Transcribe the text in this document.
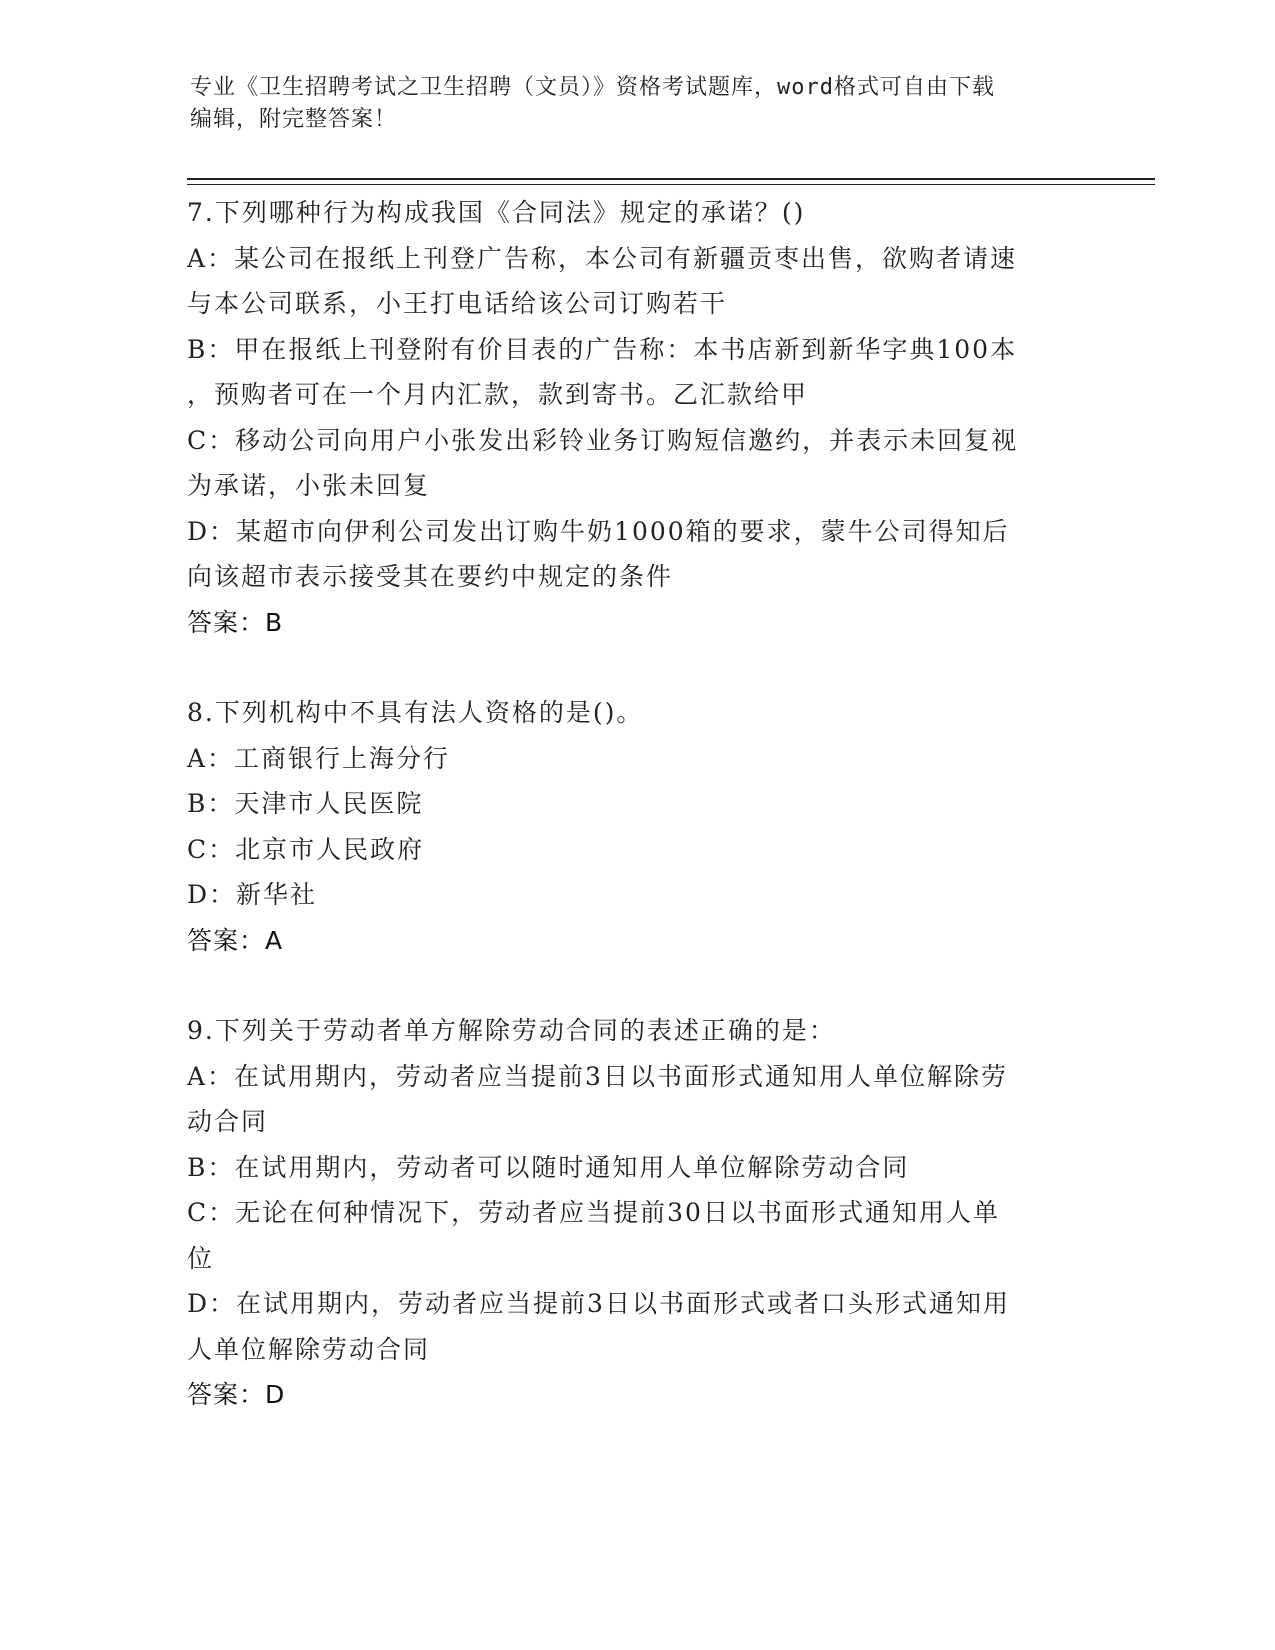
专业《卫生招聘考试之卫生招聘（文员）》资格考试题库，word格式可自由下载
编辑，附完整答案！
7.下列哪种行为构成我国《合同法》规定的承诺？()
A：某公司在报纸上刊登广告称，本公司有新疆贡枣出售，欲购者请速
与本公司联系，小王打电话给该公司订购若干
B：甲在报纸上刊登附有价目表的广告称：本书店新到新华字典100本
，预购者可在一个月内汇款，款到寄书。乙汇款给甲
C：移动公司向用户小张发出彩铃业务订购短信邀约，并表示未回复视
为承诺，小张未回复
D：某超市向伊利公司发出订购牛奶1000箱的要求，蒙牛公司得知后
向该超市表示接受其在要约中规定的条件
答案：B
8.下列机构中不具有法人资格的是()。
A：工商银行上海分行
B：天津市人民医院
C：北京市人民政府
D：新华社
答案：A
9.下列关于劳动者单方解除劳动合同的表述正确的是：
A：在试用期内，劳动者应当提前3日以书面形式通知用人单位解除劳
动合同
B：在试用期内，劳动者可以随时通知用人单位解除劳动合同
C：无论在何种情况下，劳动者应当提前30日以书面形式通知用人单
位
D：在试用期内，劳动者应当提前3日以书面形式或者口头形式通知用
人单位解除劳动合同
答案：D
